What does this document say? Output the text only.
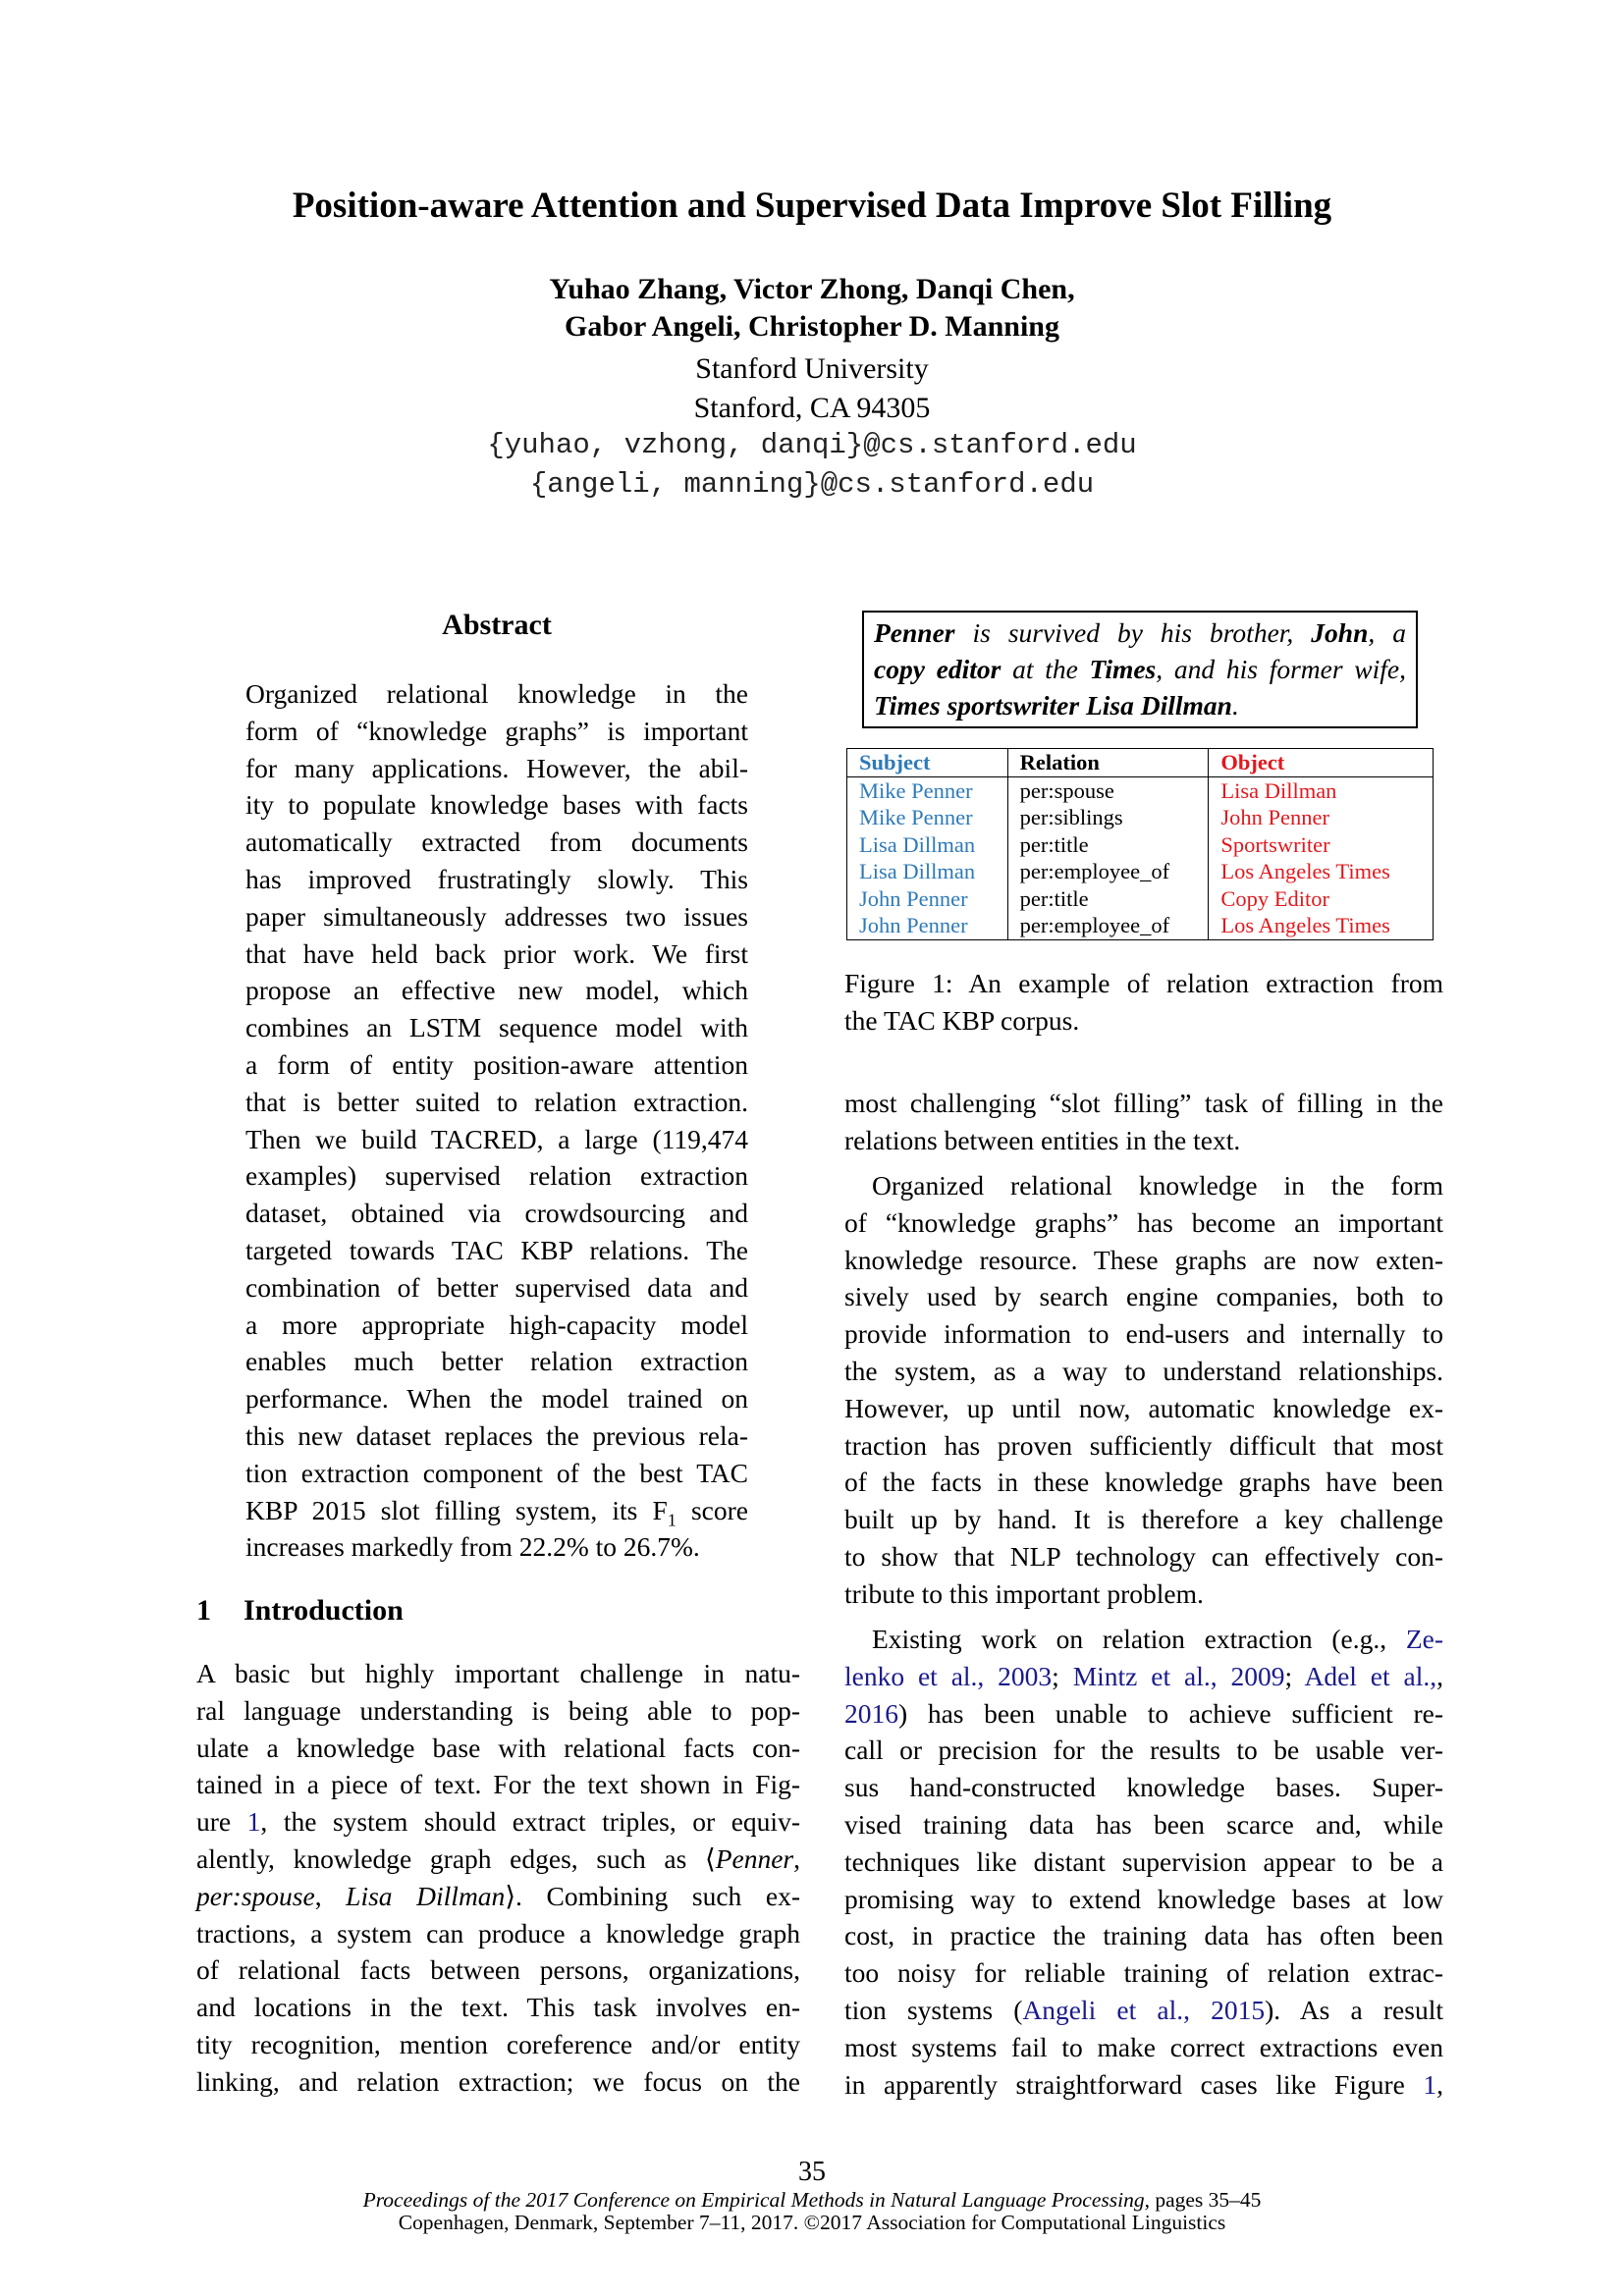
Position-aware Attention and Supervised Data Improve Slot Filling
Yuhao Zhang, Victor Zhong, Danqi Chen,
Gabor Angeli, Christopher D. Manning
Stanford University
Stanford, CA 94305
{yuhao, vzhong, danqi}@cs.stanford.edu
{angeli, manning}@cs.stanford.edu
Abstract
Organized relational knowledge in the
form of “knowledge graphs” is important
for many applications. However, the abil-
ity to populate knowledge bases with facts
automatically extracted from documents
has improved frustratingly slowly. This
paper simultaneously addresses two issues
that have held back prior work. We first
propose an effective new model, which
combines an LSTM sequence model with
a form of entity position-aware attention
that is better suited to relation extraction.
Then we build TACRED, a large (119,474
examples) supervised relation extraction
dataset, obtained via crowdsourcing and
targeted towards TAC KBP relations. The
combination of better supervised data and
a more appropriate high-capacity model
enables much better relation extraction
performance. When the model trained on
this new dataset replaces the previous rela-
tion extraction component of the best TAC
KBP 2015 slot filling system, its $F_1$ score
increases markedly from 22.2% to 26.7%.
1 Introduction
A basic but highly important challenge in natu-
ral language understanding is being able to pop-
ulate a knowledge base with relational facts con-
tained in a piece of text. For the text shown in Fig-
ure 1, the system should extract triples, or equiv-
alently, knowledge graph edges, such as ⟨Penner,
per:spouse, Lisa Dillman⟩. Combining such ex-
tractions, a system can produce a knowledge graph
of relational facts between persons, organizations,
and locations in the text. This task involves en-
tity recognition, mention coreference and/or entity
linking, and relation extraction; we focus on the
Penner is survived by his brother, John, a
copy editor at the Times, and his former wife,
Times sportswriter Lisa Dillman.
Subject	Relation	Object
Mike Penner	per:spouse	Lisa Dillman
Mike Penner	per:siblings	John Penner
Lisa Dillman	per:title	Sportswriter
Lisa Dillman	per:employee_of	Los Angeles Times
John Penner	per:title	Copy Editor
John Penner	per:employee_of	Los Angeles Times
Figure 1: An example of relation extraction from
the TAC KBP corpus.
most challenging “slot filling” task of filling in the
relations between entities in the text.
Organized relational knowledge in the form
of “knowledge graphs” has become an important
knowledge resource. These graphs are now exten-
sively used by search engine companies, both to
provide information to end-users and internally to
the system, as a way to understand relationships.
However, up until now, automatic knowledge ex-
traction has proven sufficiently difficult that most
of the facts in these knowledge graphs have been
built up by hand. It is therefore a key challenge
to show that NLP technology can effectively con-
tribute to this important problem.
Existing work on relation extraction (e.g., Ze-
lenko et al., 2003; Mintz et al., 2009; Adel et al.,,
2016) has been unable to achieve sufficient re-
call or precision for the results to be usable ver-
sus hand-constructed knowledge bases. Super-
vised training data has been scarce and, while
techniques like distant supervision appear to be a
promising way to extend knowledge bases at low
cost, in practice the training data has often been
too noisy for reliable training of relation extrac-
tion systems (Angeli et al., 2015). As a result
most systems fail to make correct extractions even
in apparently straightforward cases like Figure 1,
35
Proceedings of the 2017 Conference on Empirical Methods in Natural Language Processing, pages 35–45
Copenhagen, Denmark, September 7–11, 2017. ©2017 Association for Computational Linguistics
